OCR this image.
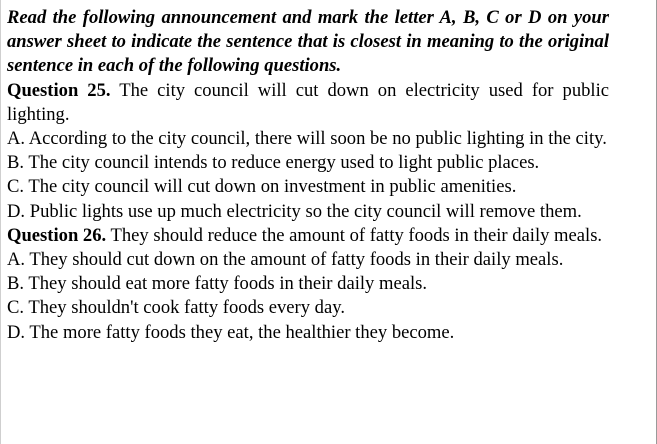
Read the following announcement and mark the letter A, B, C or D on your answer sheet to indicate the sentence that is closest in meaning to the original sentence in each of the following questions.

Question 25. The city council will cut down on electricity used for public lighting.

A. According to the city council, there will soon be no public lighting in the city.

B. The city council intends to reduce energy used to light public places.

C. The city council will cut down on investment in public amenities.

D. Public lights use up much electricity so the city council will remove them.

Question 26. They should reduce the amount of fatty foods in their daily meals.

A. They should cut down on the amount of fatty foods in their daily meals.

B. They should eat more fatty foods in their daily meals.

C. They shouldn't cook fatty foods every day.

D. The more fatty foods they eat, the healthier they become.
